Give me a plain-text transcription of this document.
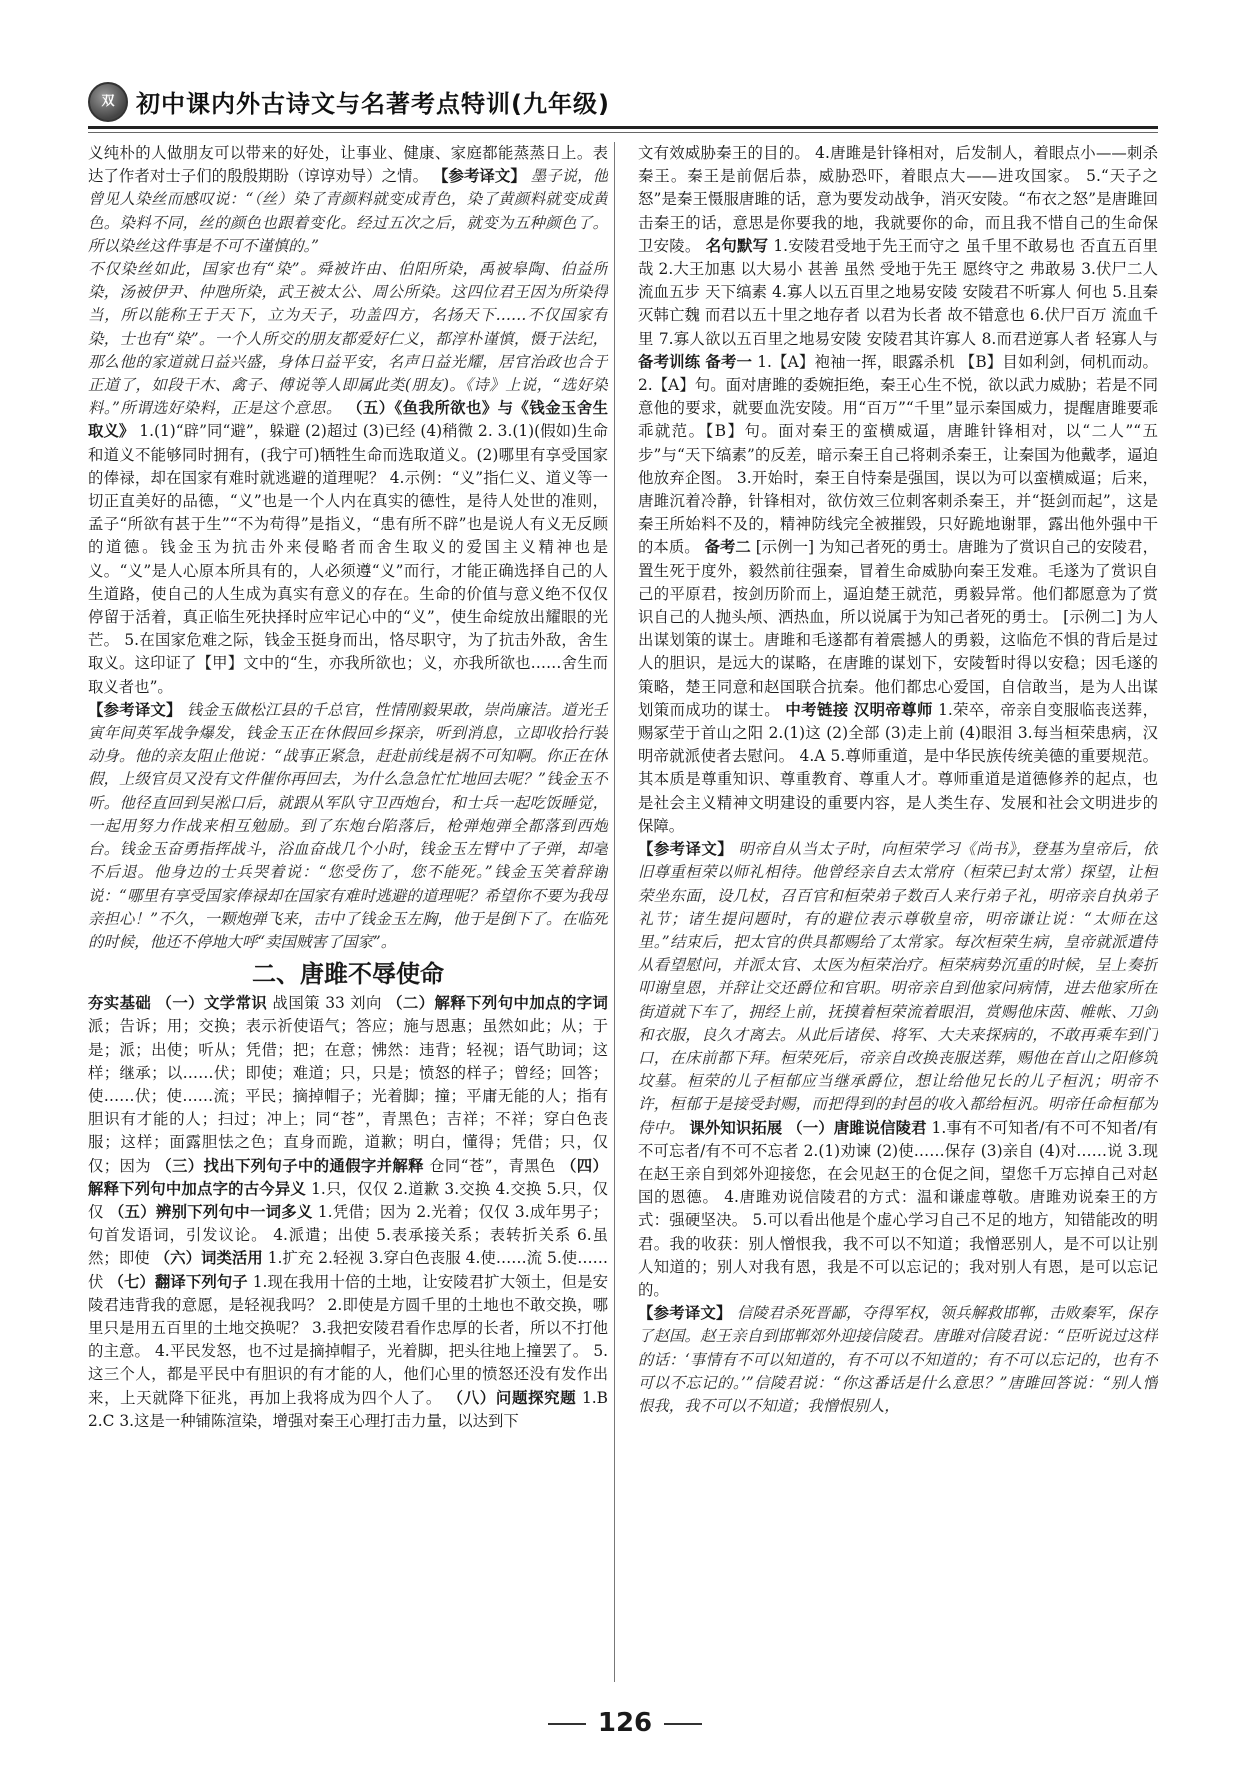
双 初中课内外古诗文与名著考点特训(九年级)

义纯朴的人做朋友可以带来的好处，让事业、健康、家庭都能蒸蒸日上。表达了作者对士子们的殷殷期盼（谆谆劝导）之情。 【参考译文】 墨子说，他曾见人染丝而感叹说：“（丝）染了青颜料就变成青色，染了黄颜料就变成黄色。染料不同，丝的颜色也跟着变化。经过五次之后，就变为五种颜色了。所以染丝这件事是不可不谨慎的。”

不仅染丝如此，国家也有“染”。舜被许由、伯阳所染，禹被皋陶、伯益所染，汤被伊尹、仲虺所染，武王被太公、周公所染。这四位君王因为所染得当，所以能称王于天下，立为天子，功盖四方，名扬天下……不仅国家有染，士也有“染”。一个人所交的朋友都爱好仁义，都淳朴谨慎，慑于法纪，那么他的家道就日益兴盛，身体日益平安，名声日益光耀，居官治政也合于正道了，如段干木、禽子、傅说等人即属此类(朋友)。《诗》上说，“选好染料。”所谓选好染料，正是这个意思。 （五）《鱼我所欲也》与《钱金玉舍生取义》 1.(1)“辟”同“避”，躲避 (2)超过 (3)已经 (4)稍微 2. 3.(1)(假如)生命和道义不能够同时拥有，(我宁可)牺牲生命而选取道义。(2)哪里有享受国家的俸禄，却在国家有难时就逃避的道理呢？ 4.示例：“义”指仁义、道义等一切正直美好的品德，“义”也是一个人内在真实的德性，是待人处世的准则，孟子“所欲有甚于生”“不为苟得”是指义，“患有所不辟”也是说人有义无反顾的道德。钱金玉为抗击外来侵略者而舍生取义的爱国主义精神也是义。“义”是人心原本所具有的，人必须遵“义”而行，才能正确选择自己的人生道路，使自己的人生成为真实有意义的存在。生命的价值与意义绝不仅仅停留于活着，真正临生死抉择时应牢记心中的“义”，使生命绽放出耀眼的光芒。 5.在国家危难之际，钱金玉挺身而出，恪尽职守，为了抗击外敌，舍生取义。这印证了【甲】文中的“生，亦我所欲也；义，亦我所欲也……舍生而取义者也”。

【参考译文】 钱金玉做松江县的千总官，性情刚毅果敢，崇尚廉洁。道光壬寅年间英军战争爆发，钱金玉正在休假回乡探亲，听到消息，立即收拾行装动身。他的亲友阻止他说：“战事正紧急，赶赴前线是祸不可知啊。你正在休假，上级官员又没有文件催你再回去，为什么急急忙忙地回去呢？”钱金玉不听。他径直回到吴淞口后，就跟从军队守卫西炮台，和士兵一起吃饭睡觉，一起用努力作战来相互勉励。到了东炮台陷落后，枪弹炮弹全都落到西炮台。钱金玉奋勇指挥战斗，浴血奋战几个小时，钱金玉左臂中了子弹，却毫不后退。他身边的士兵哭着说：“您受伤了，您不能死。”钱金玉笑着辞谢说：“哪里有享受国家俸禄却在国家有难时逃避的道理呢？希望你不要为我母亲担心！”不久，一颗炮弹飞来，击中了钱金玉左胸，他于是倒下了。在临死的时候，他还不停地大呼“卖国贼害了国家”。

二、唐雎不辱使命

夯实基础 （一）文学常识 战国策 33 刘向 （二）解释下列句中加点的字词 派；告诉；用；交换；表示祈使语气；答应；施与恩惠；虽然如此；从；于是；派；出使；听从；凭借；把；在意；怫然：违背；轻视；语气助词；这样；继承；以……伏；即使；难道；只，只是；愤怒的样子；曾经；回答；使……伏；使……流；平民；摘掉帽子；光着脚；撞；平庸无能的人；指有胆识有才能的人；扫过；冲上；同“苍”，青黑色；吉祥；不祥；穿白色丧服；这样；面露胆怯之色；直身而跪，道歉；明白，懂得；凭借；只，仅仅；因为 （三）找出下列句子中的通假字并解释 仓同“苍”，青黑色 （四）解释下列句中加点字的古今异义 1.只，仅仅 2.道歉 3.交换 4.交换 5.只，仅仅 （五）辨别下列句中一词多义 1.凭借；因为 2.光着；仅仅 3.成年男子；句首发语词，引发议论。 4.派遣；出使 5.表承接关系；表转折关系 6.虽然；即使 （六）词类活用 1.扩充 2.轻视 3.穿白色丧服 4.使……流 5.使……伏 （七）翻译下列句子 1.现在我用十倍的土地，让安陵君扩大领土，但是安陵君违背我的意愿，是轻视我吗？ 2.即使是方圆千里的土地也不敢交换，哪里只是用五百里的土地交换呢？ 3.我把安陵君看作忠厚的长者，所以不打他的主意。 4.平民发怒，也不过是摘掉帽子，光着脚，把头往地上撞罢了。 5.这三个人，都是平民中有胆识的有才能的人，他们心里的愤怒还没有发作出来，上天就降下征兆，再加上我将成为四个人了。 （八）问题探究题 1.B 2.C 3.这是一种铺陈渲染，增强对秦王心理打击力量，以达到下

文有效威胁秦王的目的。 4.唐雎是针锋相对，后发制人，着眼点小——刺杀秦王。秦王是前倨后恭，威胁恐吓，着眼点大——进攻国家。 5.“天子之怒”是秦王慑服唐雎的话，意为要发动战争，消灭安陵。“布衣之怒”是唐雎回击秦王的话，意思是你要我的地，我就要你的命，而且我不惜自己的生命保卫安陵。 名句默写 1.安陵君受地于先王而守之 虽千里不敢易也 否直五百里哉 2.大王加惠 以大易小 甚善 虽然 受地于先王 愿终守之 弗敢易 3.伏尸二人 流血五步 天下缟素 4.寡人以五百里之地易安陵 安陵君不听寡人 何也 5.且秦灭韩亡魏 而君以五十里之地存者 以君为长者 故不错意也 6.伏尸百万 流血千里 7.寡人欲以五百里之地易安陵 安陵君其许寡人 8.而君逆寡人者 轻寡人与 备考训练 备考一 1.【A】袍袖一挥，眼露杀机 【B】目如利剑，伺机而动。 2.【A】句。面对唐雎的委婉拒绝，秦王心生不悦，欲以武力威胁；若是不同意他的要求，就要血洗安陵。用“百万”“千里”显示秦国威力，提醒唐雎要乖乖就范。【B】句。面对秦王的蛮横威逼，唐雎针锋相对，以“二人”“五步”与“天下缟素”的反差，暗示秦王自己将刺杀秦王，让秦国为他戴孝，逼迫他放弃企图。 3.开始时，秦王自恃秦是强国，误以为可以蛮横威逼；后来，唐雎沉着冷静，针锋相对，欲仿效三位刺客刺杀秦王，并“挺剑而起”，这是秦王所始料不及的，精神防线完全被摧毁，只好跪地谢罪，露出他外强中干的本质。 备考二 [示例一] 为知己者死的勇士。唐雎为了赏识自己的安陵君，置生死于度外，毅然前往强秦，冒着生命威胁向秦王发难。毛遂为了赏识自己的平原君，按剑历阶而上，逼迫楚王就范，勇毅异常。他们都愿意为了赏识自己的人抛头颅、洒热血，所以说属于为知己者死的勇士。 [示例二] 为人出谋划策的谋士。唐雎和毛遂都有着震撼人的勇毅，这临危不惧的背后是过人的胆识，是远大的谋略，在唐雎的谋划下，安陵暂时得以安稳；因毛遂的策略，楚王同意和赵国联合抗秦。他们都忠心爱国，自信敢当，是为人出谋划策而成功的谋士。 中考链接 汉明帝尊师 1.荣卒，帝亲自变服临丧送葬，赐冢茔于首山之阳 2.(1)这 (2)全部 (3)走上前 (4)眼泪 3.每当桓荣患病，汉明帝就派使者去慰问。 4.A 5.尊师重道，是中华民族传统美德的重要规范。其本质是尊重知识、尊重教育、尊重人才。尊师重道是道德修养的起点，也是社会主义精神文明建设的重要内容，是人类生存、发展和社会文明进步的保障。

【参考译文】 明帝自从当太子时，向桓荣学习《尚书》，登基为皇帝后，依旧尊重桓荣以师礼相待。他曾经亲自去太常府（桓荣已封太常）探望，让桓荣坐东面，设几杖，召百官和桓荣弟子数百人来行弟子礼，明帝亲自执弟子礼节；诸生提问题时，有的避位表示尊敬皇帝，明帝谦让说：“太师在这里。”结束后，把太官的供具都赐给了太常家。每次桓荣生病，皇帝就派遣侍从看望慰问，并派太官、太医为桓荣治疗。桓荣病势沉重的时候，呈上奏折叩谢皇恩，并辞让交还爵位和官职。明帝亲自到他家问病情，进去他家所在街道就下车了，拥经上前，抚摸着桓荣流着眼泪，赏赐他床茵、帷帐、刀剑和衣服，良久才离去。从此后诸侯、将军、大夫来探病的，不敢再乘车到门口，在床前都下拜。桓荣死后，帝亲自改换丧服送葬，赐他在首山之阳修筑坟墓。桓荣的儿子桓郁应当继承爵位，想让给他兄长的儿子桓汎；明帝不许，桓郁于是接受封赐，而把得到的封邑的收入都给桓汎。明帝任命桓郁为侍中。 课外知识拓展 （一）唐雎说信陵君 1.事有不可知者/有不可不知者/有不可忘者/有不可不忘者 2.(1)劝谏 (2)使……保存 (3)亲自 (4)对……说 3.现在赵王亲自到郊外迎接您，在会见赵王的仓促之间，望您千万忘掉自己对赵国的恩德。 4.唐雎劝说信陵君的方式：温和谦虚尊敬。唐雎劝说秦王的方式：强硬坚决。 5.可以看出他是个虚心学习自己不足的地方，知错能改的明君。我的收获：别人憎恨我，我不可以不知道；我憎恶别人，是不可以让别人知道的；别人对我有恩，我是不可以忘记的；我对别人有恩，是可以忘记的。

【参考译文】 信陵君杀死晋鄙，夺得军权，领兵解救邯郸，击败秦军，保存了赵国。赵王亲自到邯郸郊外迎接信陵君。唐雎对信陵君说：“臣听说过这样的话：‘事情有不可以知道的，有不可以不知道的；有不可以忘记的，也有不可以不忘记的。’”信陵君说：“你这番话是什么意思？”唐雎回答说：“别人憎恨我，我不可以不知道；我憎恨别人，

126
